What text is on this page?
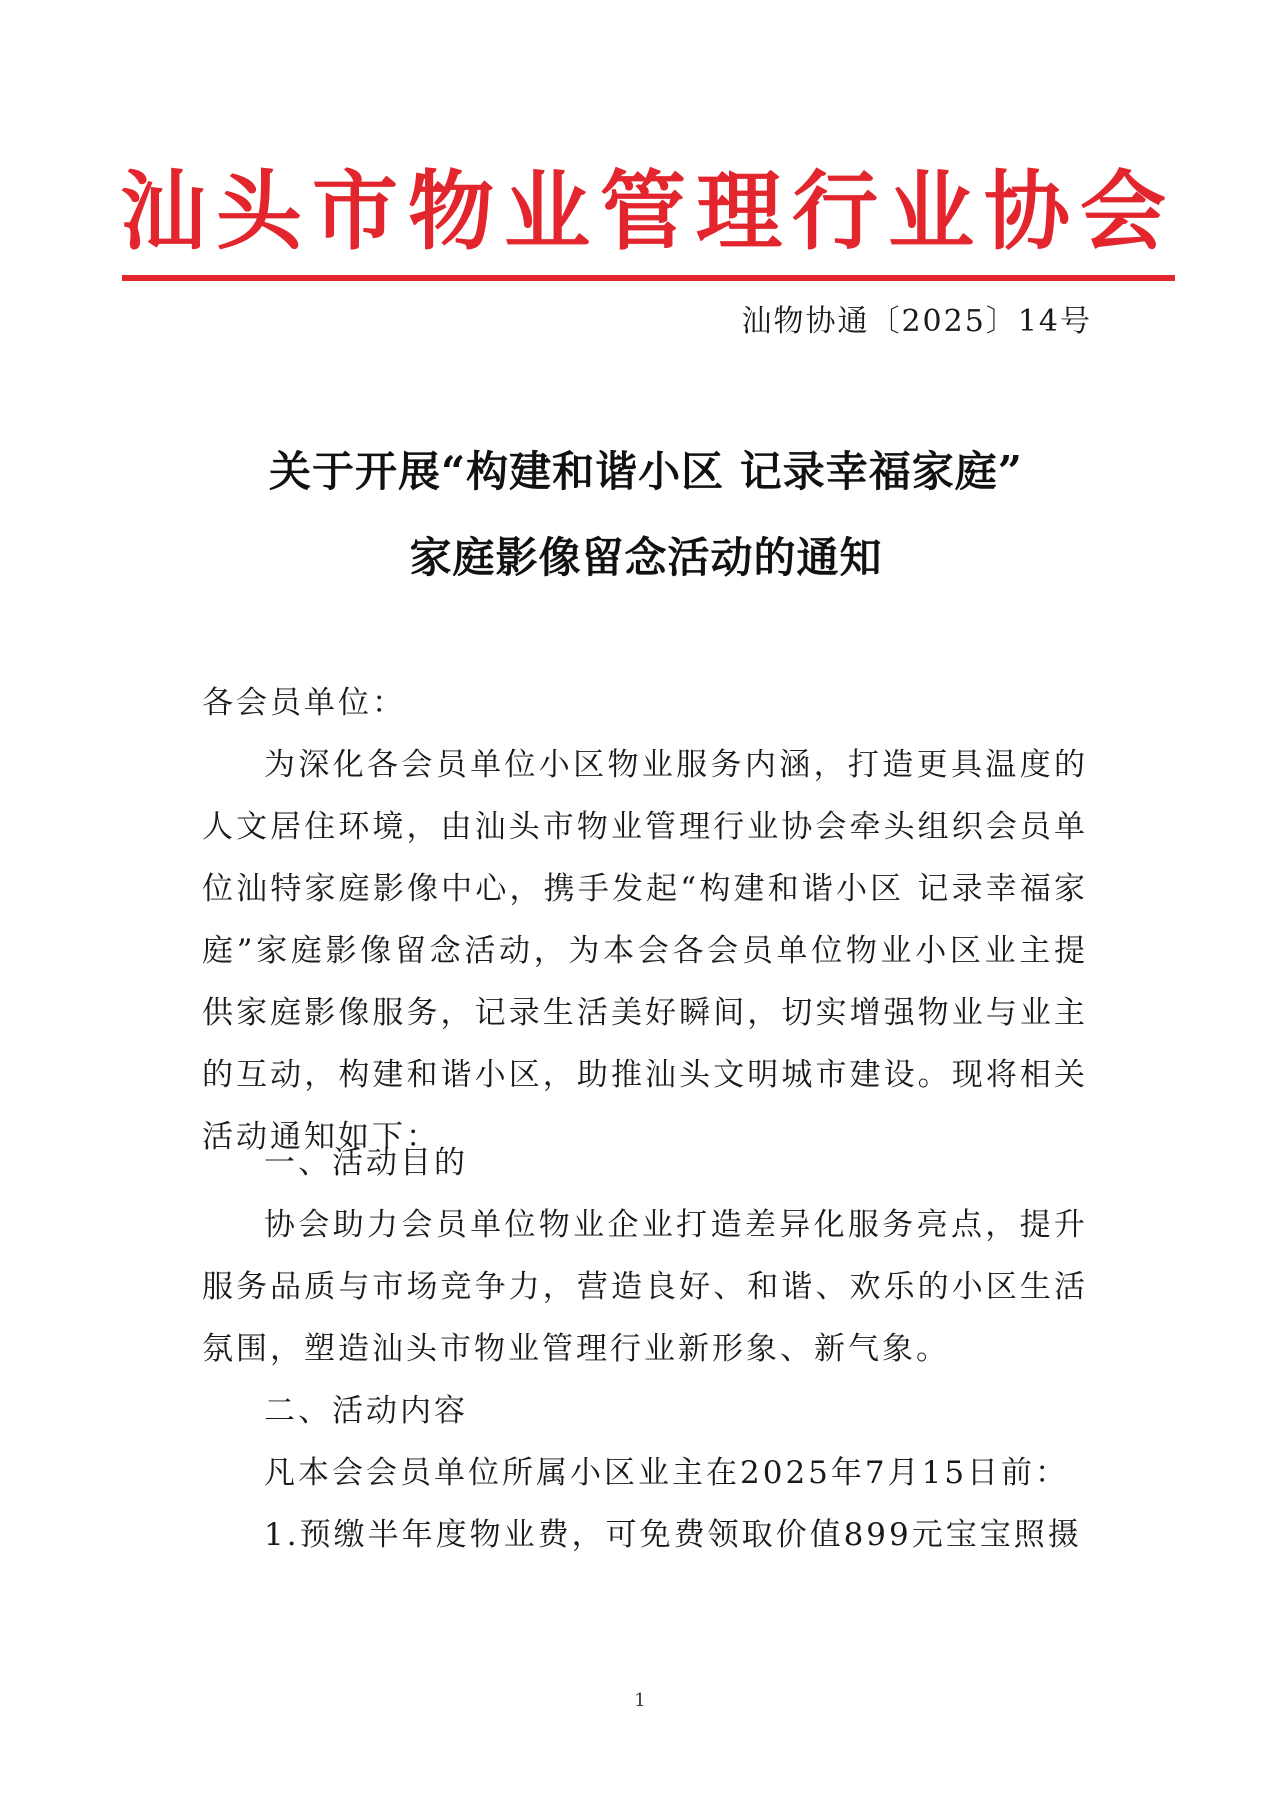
汕头市物业管理行业协会
汕物协通〔2025〕14号
关于开展“构建和谐小区 记录幸福家庭”
家庭影像留念活动的通知
各会员单位：

为深化各会员单位小区物业服务内涵，打造更具温度的人文居住环境，由汕头市物业管理行业协会牵头组织会员单位汕特家庭影像中心，携手发起“构建和谐小区 记录幸福家庭”家庭影像留念活动，为本会各会员单位物业小区业主提供家庭影像服务，记录生活美好瞬间，切实增强物业与业主的互动，构建和谐小区，助推汕头文明城市建设。现将相关活动通知如下：

一、活动目的

协会助力会员单位物业企业打造差异化服务亮点，提升服务品质与市场竞争力，营造良好、和谐、欢乐的小区生活氛围，塑造汕头市物业管理行业新形象、新气象。

二、活动内容

凡本会会员单位所属小区业主在2025年7月15日前：

1.预缴半年度物业费，可免费领取价值899元宝宝照摄

1
